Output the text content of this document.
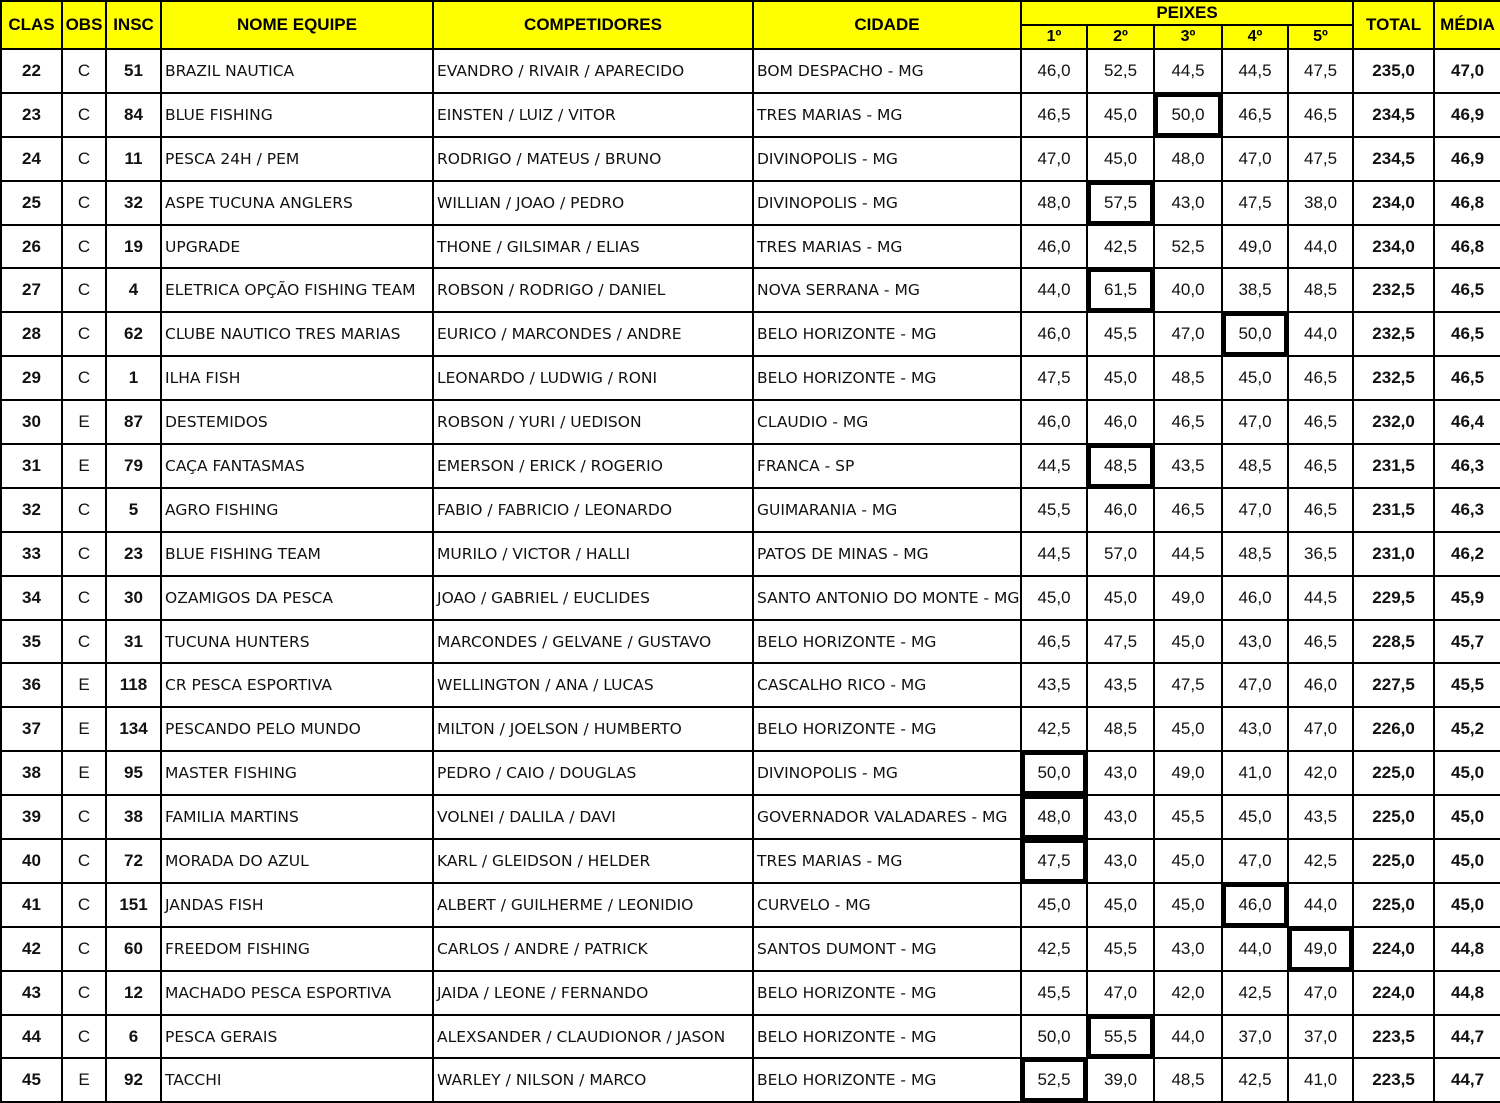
CLAS	OBS	INSC	NOME EQUIPE	COMPETIDORES	CIDADE	PEIXES					TOTAL	MÉDIA
						1º	2º	3º	4º	5º		
22	C	51	BRAZIL NAUTICA	EVANDRO / RIVAIR / APARECIDO	BOM DESPACHO - MG	46,0	52,5	44,5	44,5	47,5	235,0	47,0
23	C	84	BLUE FISHING	EINSTEN / LUIZ / VITOR	TRES MARIAS - MG	46,5	45,0	50,0	46,5	46,5	234,5	46,9
24	C	11	PESCA 24H / PEM	RODRIGO / MATEUS / BRUNO	DIVINOPOLIS - MG	47,0	45,0	48,0	47,0	47,5	234,5	46,9
25	C	32	ASPE TUCUNA ANGLERS	WILLIAN / JOAO / PEDRO	DIVINOPOLIS - MG	48,0	57,5	43,0	47,5	38,0	234,0	46,8
26	C	19	UPGRADE	THONE / GILSIMAR / ELIAS	TRES MARIAS - MG	46,0	42,5	52,5	49,0	44,0	234,0	46,8
27	C	4	ELETRICA OPÇÃO FISHING TEAM	ROBSON / RODRIGO / DANIEL	NOVA SERRANA - MG	44,0	61,5	40,0	38,5	48,5	232,5	46,5
28	C	62	CLUBE NAUTICO TRES MARIAS	EURICO / MARCONDES / ANDRE	BELO HORIZONTE - MG	46,0	45,5	47,0	50,0	44,0	232,5	46,5
29	C	1	ILHA FISH	LEONARDO / LUDWIG / RONI	BELO HORIZONTE - MG	47,5	45,0	48,5	45,0	46,5	232,5	46,5
30	E	87	DESTEMIDOS	ROBSON / YURI / UEDISON	CLAUDIO - MG	46,0	46,0	46,5	47,0	46,5	232,0	46,4
31	E	79	CAÇA FANTASMAS	EMERSON / ERICK / ROGERIO	FRANCA - SP	44,5	48,5	43,5	48,5	46,5	231,5	46,3
32	C	5	AGRO FISHING	FABIO / FABRICIO / LEONARDO	GUIMARANIA - MG	45,5	46,0	46,5	47,0	46,5	231,5	46,3
33	C	23	BLUE FISHING TEAM	MURILO / VICTOR / HALLI	PATOS DE MINAS - MG	44,5	57,0	44,5	48,5	36,5	231,0	46,2
34	C	30	OZAMIGOS DA PESCA	JOAO / GABRIEL / EUCLIDES	SANTO ANTONIO DO MONTE - MG	45,0	45,0	49,0	46,0	44,5	229,5	45,9
35	C	31	TUCUNA HUNTERS	MARCONDES / GELVANE / GUSTAVO	BELO HORIZONTE - MG	46,5	47,5	45,0	43,0	46,5	228,5	45,7
36	E	118	CR PESCA ESPORTIVA	WELLINGTON / ANA / LUCAS	CASCALHO RICO - MG	43,5	43,5	47,5	47,0	46,0	227,5	45,5
37	E	134	PESCANDO PELO MUNDO	MILTON / JOELSON / HUMBERTO	BELO HORIZONTE - MG	42,5	48,5	45,0	43,0	47,0	226,0	45,2
38	E	95	MASTER FISHING	PEDRO / CAIO / DOUGLAS	DIVINOPOLIS - MG	50,0	43,0	49,0	41,0	42,0	225,0	45,0
39	C	38	FAMILIA MARTINS	VOLNEI / DALILA / DAVI	GOVERNADOR VALADARES - MG	48,0	43,0	45,5	45,0	43,5	225,0	45,0
40	C	72	MORADA DO AZUL	KARL / GLEIDSON / HELDER	TRES MARIAS - MG	47,5	43,0	45,0	47,0	42,5	225,0	45,0
41	C	151	JANDAS FISH	ALBERT / GUILHERME / LEONIDIO	CURVELO - MG	45,0	45,0	45,0	46,0	44,0	225,0	45,0
42	C	60	FREEDOM FISHING	CARLOS / ANDRE / PATRICK	SANTOS DUMONT - MG	42,5	45,5	43,0	44,0	49,0	224,0	44,8
43	C	12	MACHADO PESCA ESPORTIVA	JAIDA / LEONE / FERNANDO	BELO HORIZONTE - MG	45,5	47,0	42,0	42,5	47,0	224,0	44,8
44	C	6	PESCA GERAIS	ALEXSANDER / CLAUDIONOR / JASON	BELO HORIZONTE - MG	50,0	55,5	44,0	37,0	37,0	223,5	44,7
45	E	92	TACCHI	WARLEY / NILSON / MARCO	BELO HORIZONTE - MG	52,5	39,0	48,5	42,5	41,0	223,5	44,7
